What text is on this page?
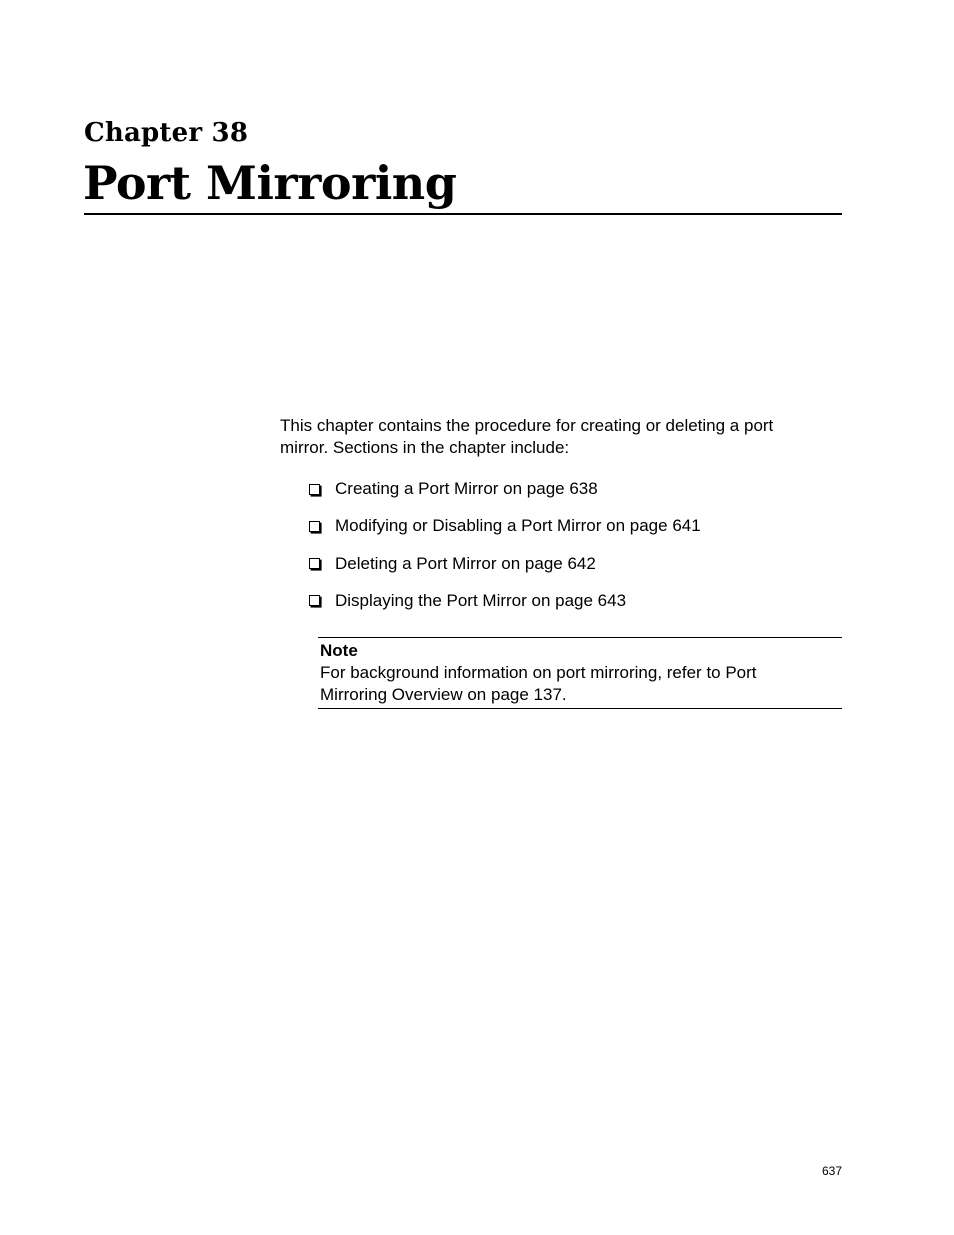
Chapter 38
Port Mirroring

This chapter contains the procedure for creating or deleting a port mirror. Sections in the chapter include:

Creating a Port Mirror on page 638
Modifying or Disabling a Port Mirror on page 641
Deleting a Port Mirror on page 642
Displaying the Port Mirror on page 643
Note
For background information on port mirroring, refer to Port Mirroring Overview on page 137.
637
